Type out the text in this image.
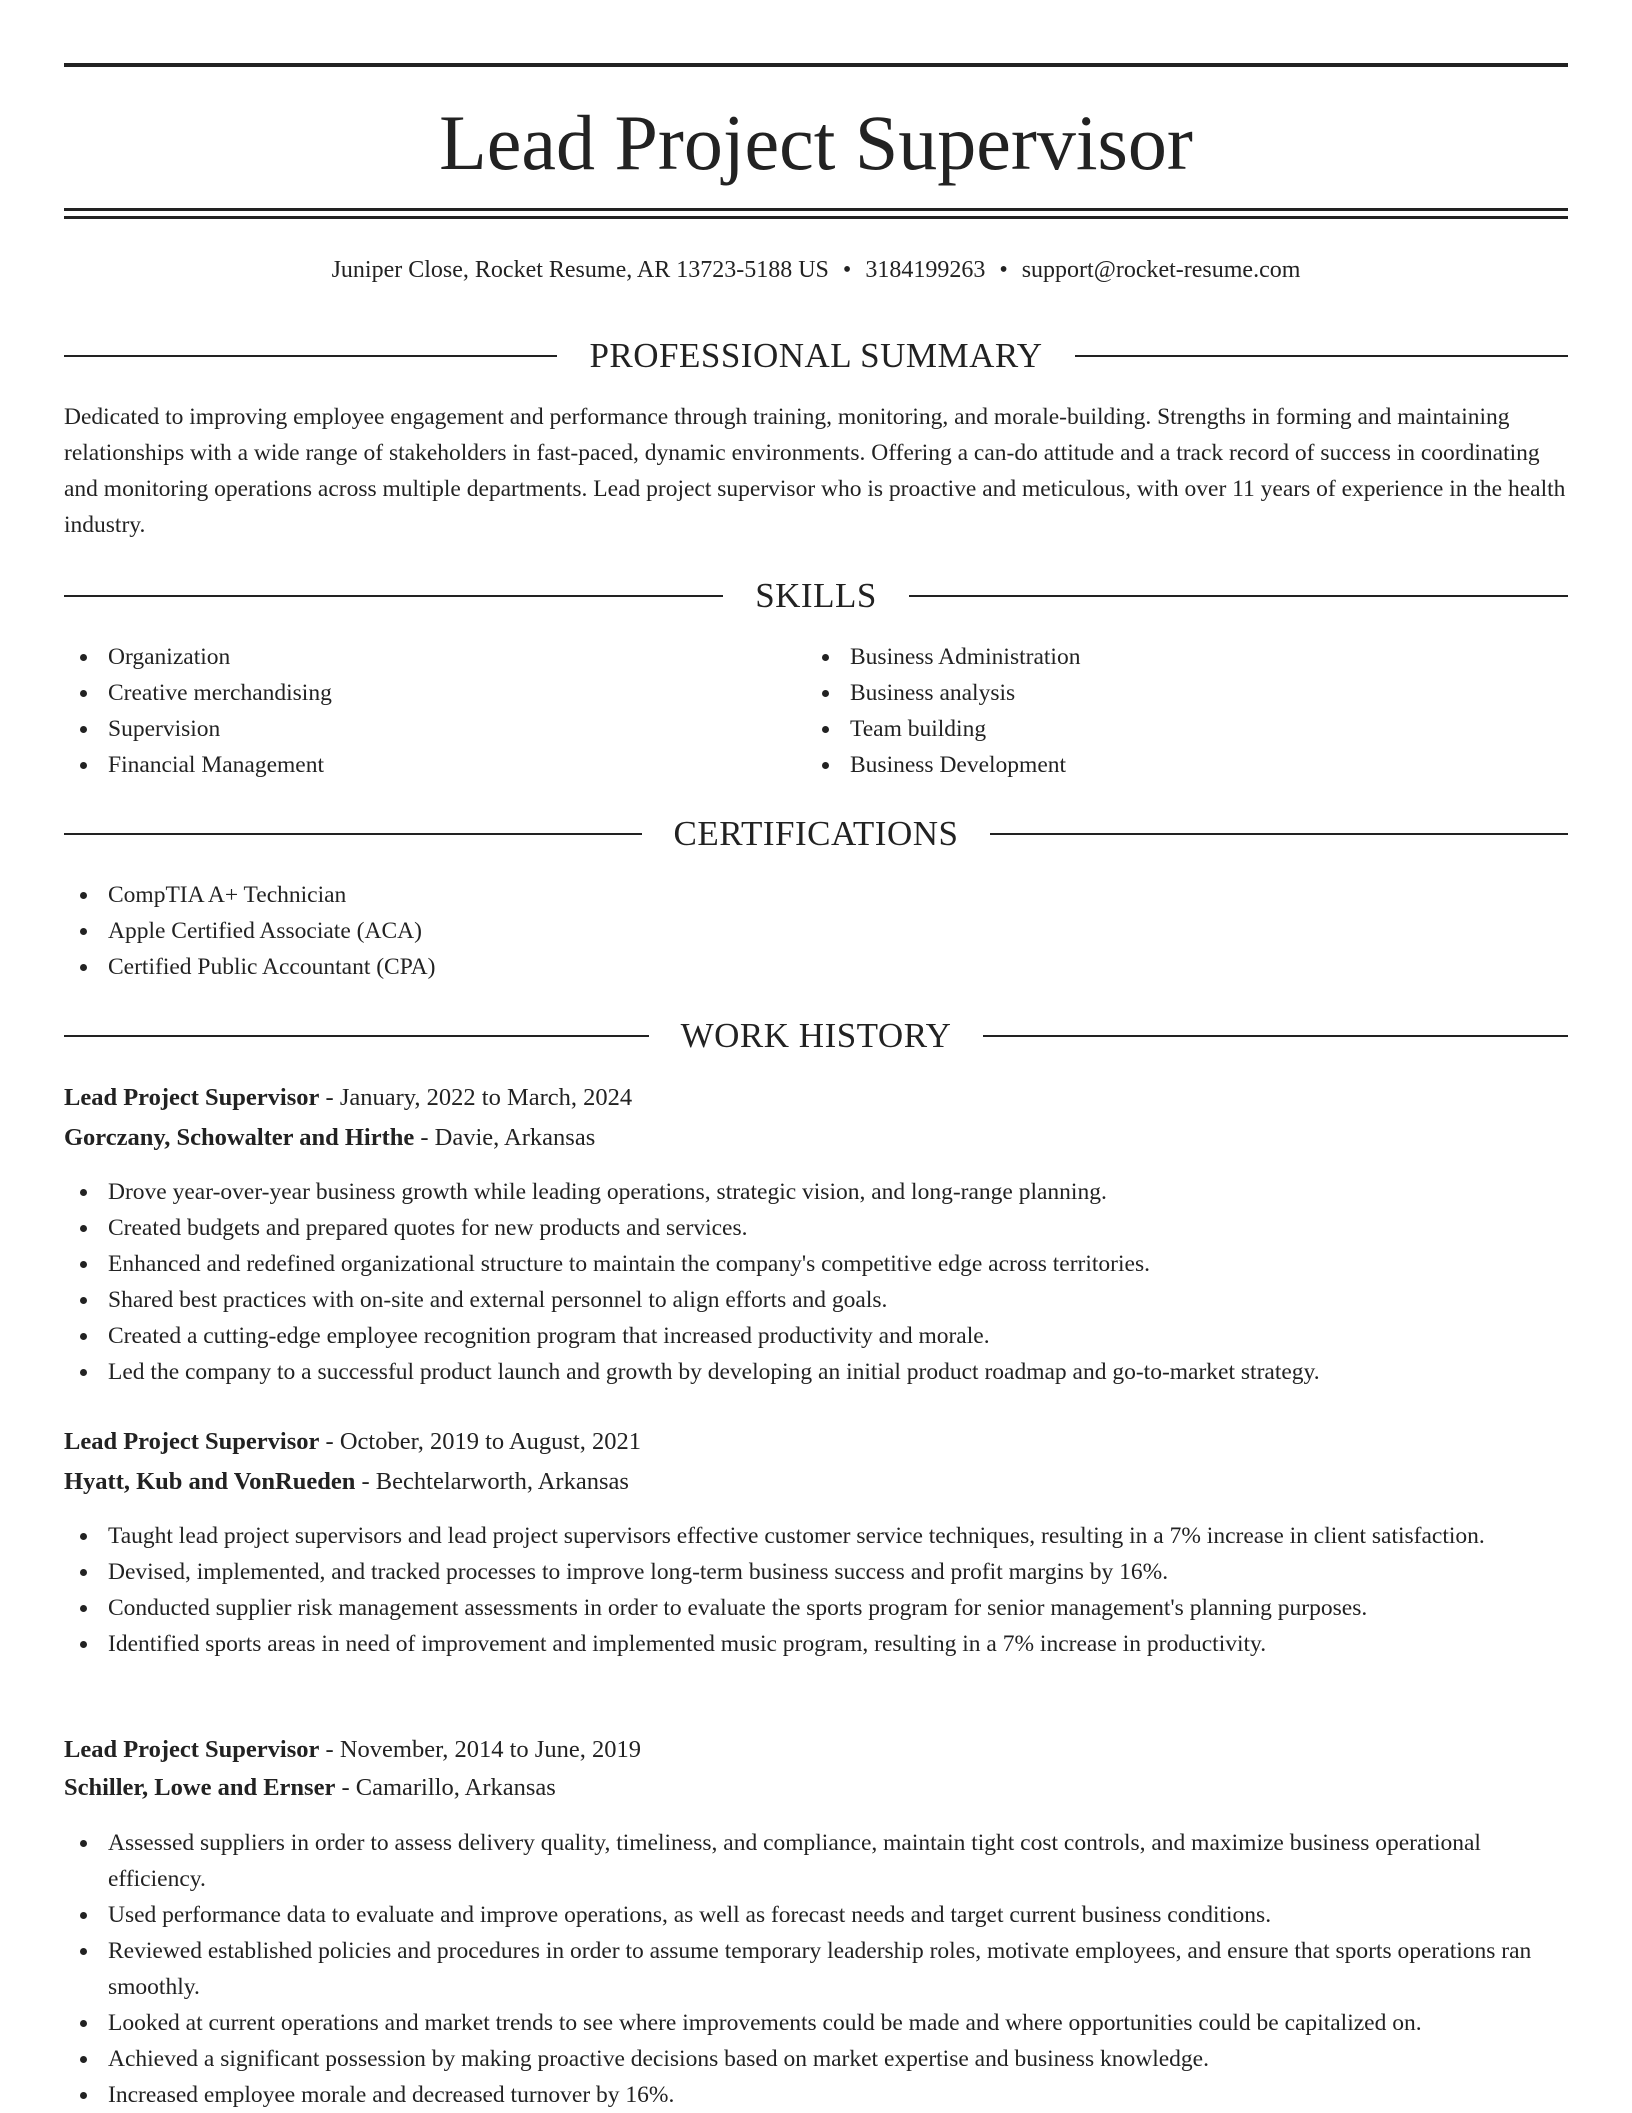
Lead Project Supervisor
Juniper Close, Rocket Resume, AR 13723-5188 US • 3184199263 • support@rocket-resume.com
PROFESSIONAL SUMMARY

Dedicated to improving employee engagement and performance through training, monitoring, and morale-building. Strengths in forming and maintaining relationships with a wide range of stakeholders in fast-paced, dynamic environments. Offering a can-do attitude and a track record of success in coordinating and monitoring operations across multiple departments. Lead project supervisor who is proactive and meticulous, with over 11 years of experience in the health industry.

SKILLS
Organization
Creative merchandising
Supervision
Financial Management
Business Administration
Business analysis
Team building
Business Development
CERTIFICATIONS
CompTIA A+ Technician
Apple Certified Associate (ACA)
Certified Public Accountant (CPA)
WORK HISTORY
Lead Project Supervisor - January, 2022 to March, 2024
Gorczany, Schowalter and Hirthe - Davie, Arkansas
Drove year-over-year business growth while leading operations, strategic vision, and long-range planning.
Created budgets and prepared quotes for new products and services.
Enhanced and redefined organizational structure to maintain the company's competitive edge across territories.
Shared best practices with on-site and external personnel to align efforts and goals.
Created a cutting-edge employee recognition program that increased productivity and morale.
Led the company to a successful product launch and growth by developing an initial product roadmap and go-to-market strategy.
Lead Project Supervisor - October, 2019 to August, 2021
Hyatt, Kub and VonRueden - Bechtelarworth, Arkansas
Taught lead project supervisors and lead project supervisors effective customer service techniques, resulting in a 7% increase in client satisfaction.
Devised, implemented, and tracked processes to improve long-term business success and profit margins by 16%.
Conducted supplier risk management assessments in order to evaluate the sports program for senior management's planning purposes.
Identified sports areas in need of improvement and implemented music program, resulting in a 7% increase in productivity.
Lead Project Supervisor - November, 2014 to June, 2019
Schiller, Lowe and Ernser - Camarillo, Arkansas
Assessed suppliers in order to assess delivery quality, timeliness, and compliance, maintain tight cost controls, and maximize business operational efficiency.
Used performance data to evaluate and improve operations, as well as forecast needs and target current business conditions.
Reviewed established policies and procedures in order to assume temporary leadership roles, motivate employees, and ensure that sports operations ran smoothly.
Looked at current operations and market trends to see where improvements could be made and where opportunities could be capitalized on.
Achieved a significant possession by making proactive decisions based on market expertise and business knowledge.
Increased employee morale and decreased turnover by 16%.
